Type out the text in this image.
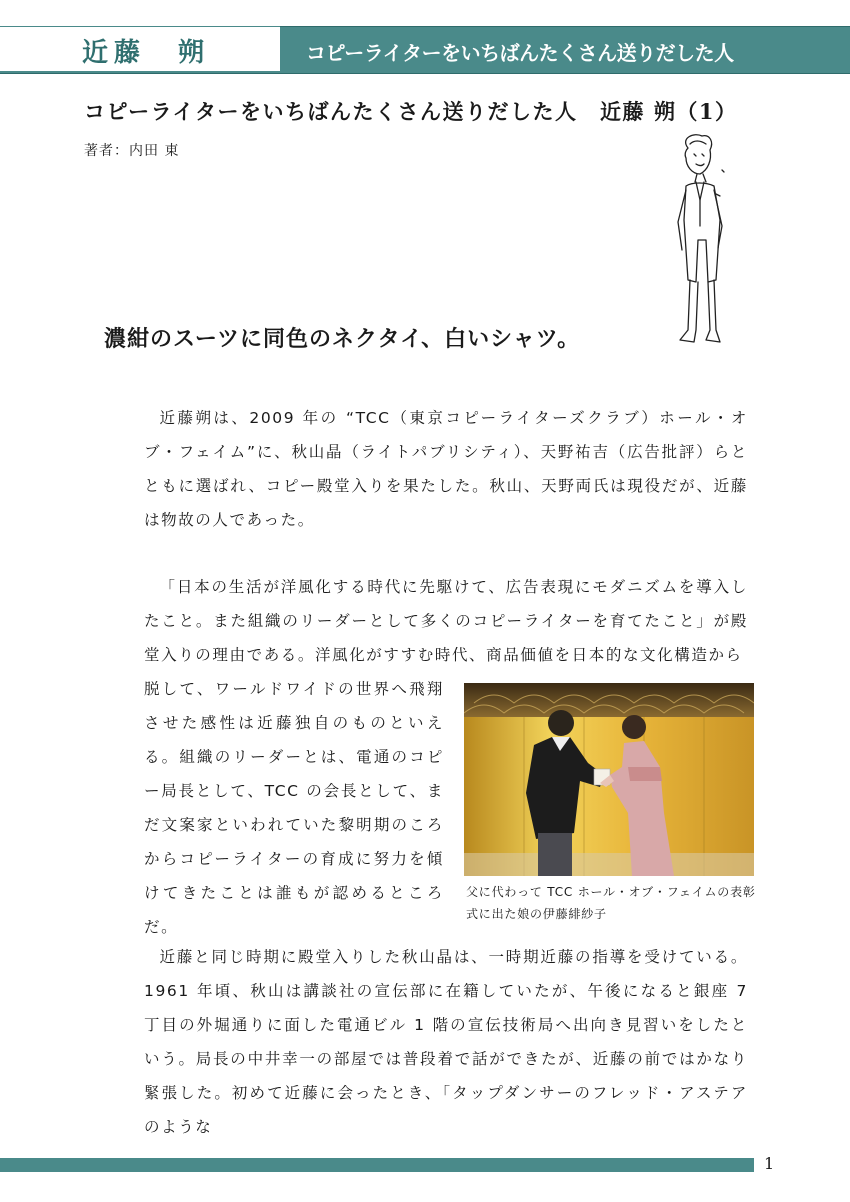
近藤　朔	コピーライターをいちばんたくさん送りだした人
コピーライターをいちばんたくさん送りだした人　近藤 朔（1）
著者：内田 東
濃紺のスーツに同色のネクタイ、白いシャツ。

近藤朔は、2009 年の “TCC（東京コピーライターズクラブ）ホール・オブ・フェイム”に、秋山晶（ライトパブリシティ）、天野祐吉（広告批評）らとともに選ばれ、コピー殿堂入りを果たした。秋山、天野両氏は現役だが、近藤は物故の人であった。

「日本の生活が洋風化する時代に先駆けて、広告表現にモダニズムを導入したこと。また組織のリーダーとして多くのコピーライターを育てたこと」が殿堂入りの理由である。洋風化がすすむ時代、商品価値を日本的な文化構造から

脱して、ワールドワイドの世界へ飛翔させた感性は近藤独自のものといえる。組織のリーダーとは、電通のコピー局長として、TCC の会長として、まだ文案家といわれていた黎明期のころからコピーライターの育成に努力を傾けてきたことは誰もが認めるところだ。

父に代わって TCC ホール・オブ・フェイムの表彰式に出た娘の伊藤緋紗子

近藤と同じ時期に殿堂入りした秋山晶は、一時期近藤の指導を受けている。1961 年頃、秋山は講談社の宣伝部に在籍していたが、午後になると銀座 7 丁目の外堀通りに面した電通ビル 1 階の宣伝技術局へ出向き見習いをしたという。局長の中井幸一の部屋では普段着で話ができたが、近藤の前ではかなり緊張した。初めて近藤に会ったとき、「タップダンサーのフレッド・アステアのような

1
